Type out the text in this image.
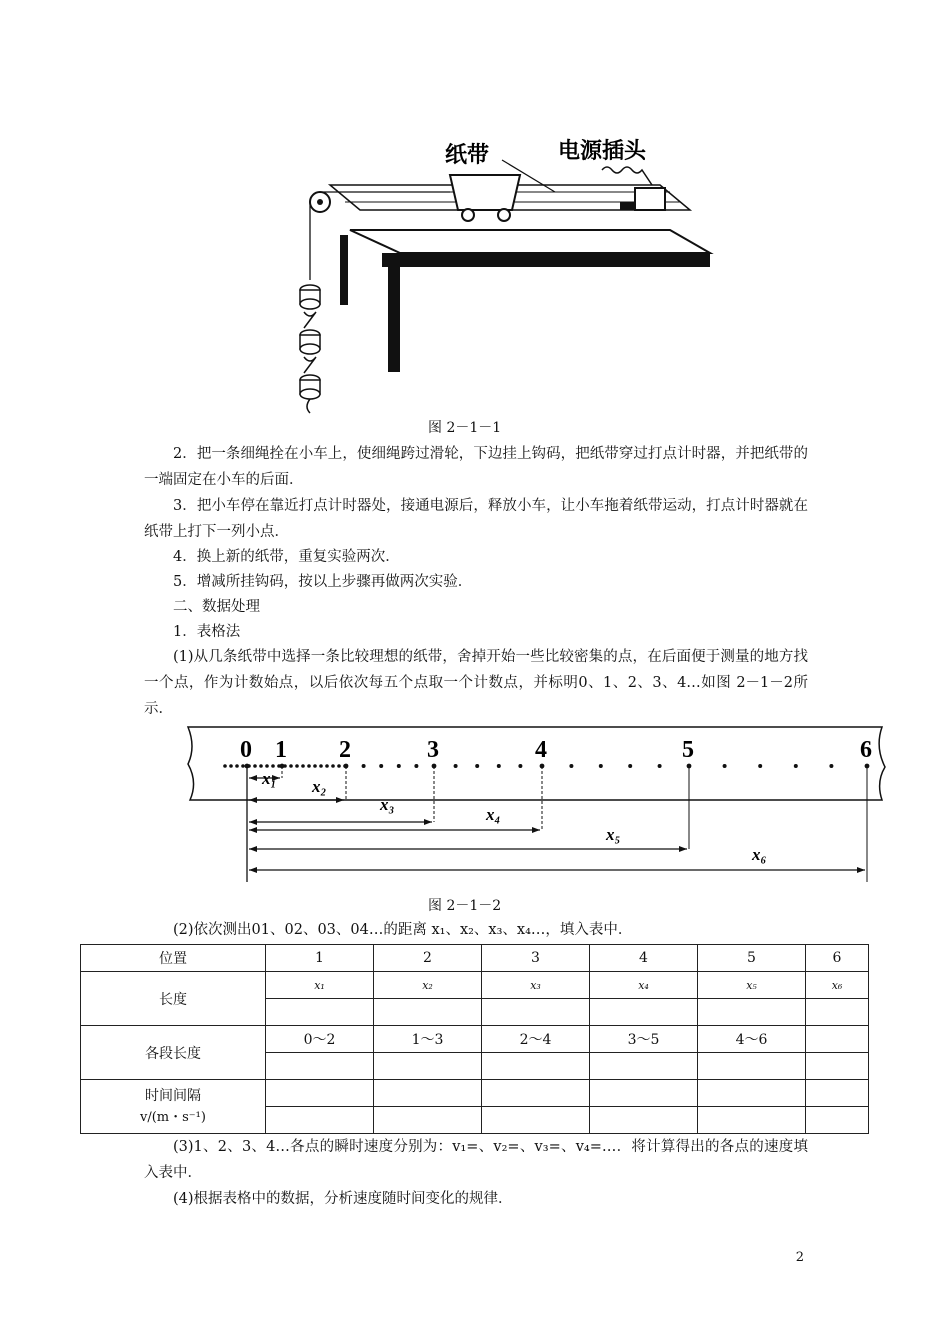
纸带	电源插头
图 2－1－1
2．把一条细绳拴在小车上，使细绳跨过滑轮，下边挂上钩码，把纸带穿过打点计时器，并把纸带的一端固定在小车的后面．
3．把小车停在靠近打点计时器处，接通电源后，释放小车，让小车拖着纸带运动，打点计时器就在纸带上打下一列小点．
4．换上新的纸带，重复实验两次．
5．增减所挂钩码，按以上步骤再做两次实验．
二、数据处理
1．表格法
(1)从几条纸带中选择一条比较理想的纸带，舍掉开始一些比较密集的点，在后面便于测量的地方找一个点，作为计数始点，以后依次每五个点取一个计数点，并标明0、1、2、3、4…如图 2－1－2所示．
0 1 2	3	4	5	6
x₁ x₂
x₃
x₄
x₅
x₆
图 2－1－2
(2)依次测出01、02、03、04…的距离 x₁、x₂、x₃、x₄…，填入表中．
位置	1	2	3	4	5	6
长度	x₁	x₂	x₃	x₄	x₅	x₆

各段长度	0～2	1～3	2～4	3～5	4～6	

时间间隔
v/(m・s⁻¹)						

(3)1、2、3、4…各点的瞬时速度分别为：v₁=、v₂=、v₃=、v₄=…．将计算得出的各点的速度填入表中．
(4)根据表格中的数据，分析速度随时间变化的规律．
2
